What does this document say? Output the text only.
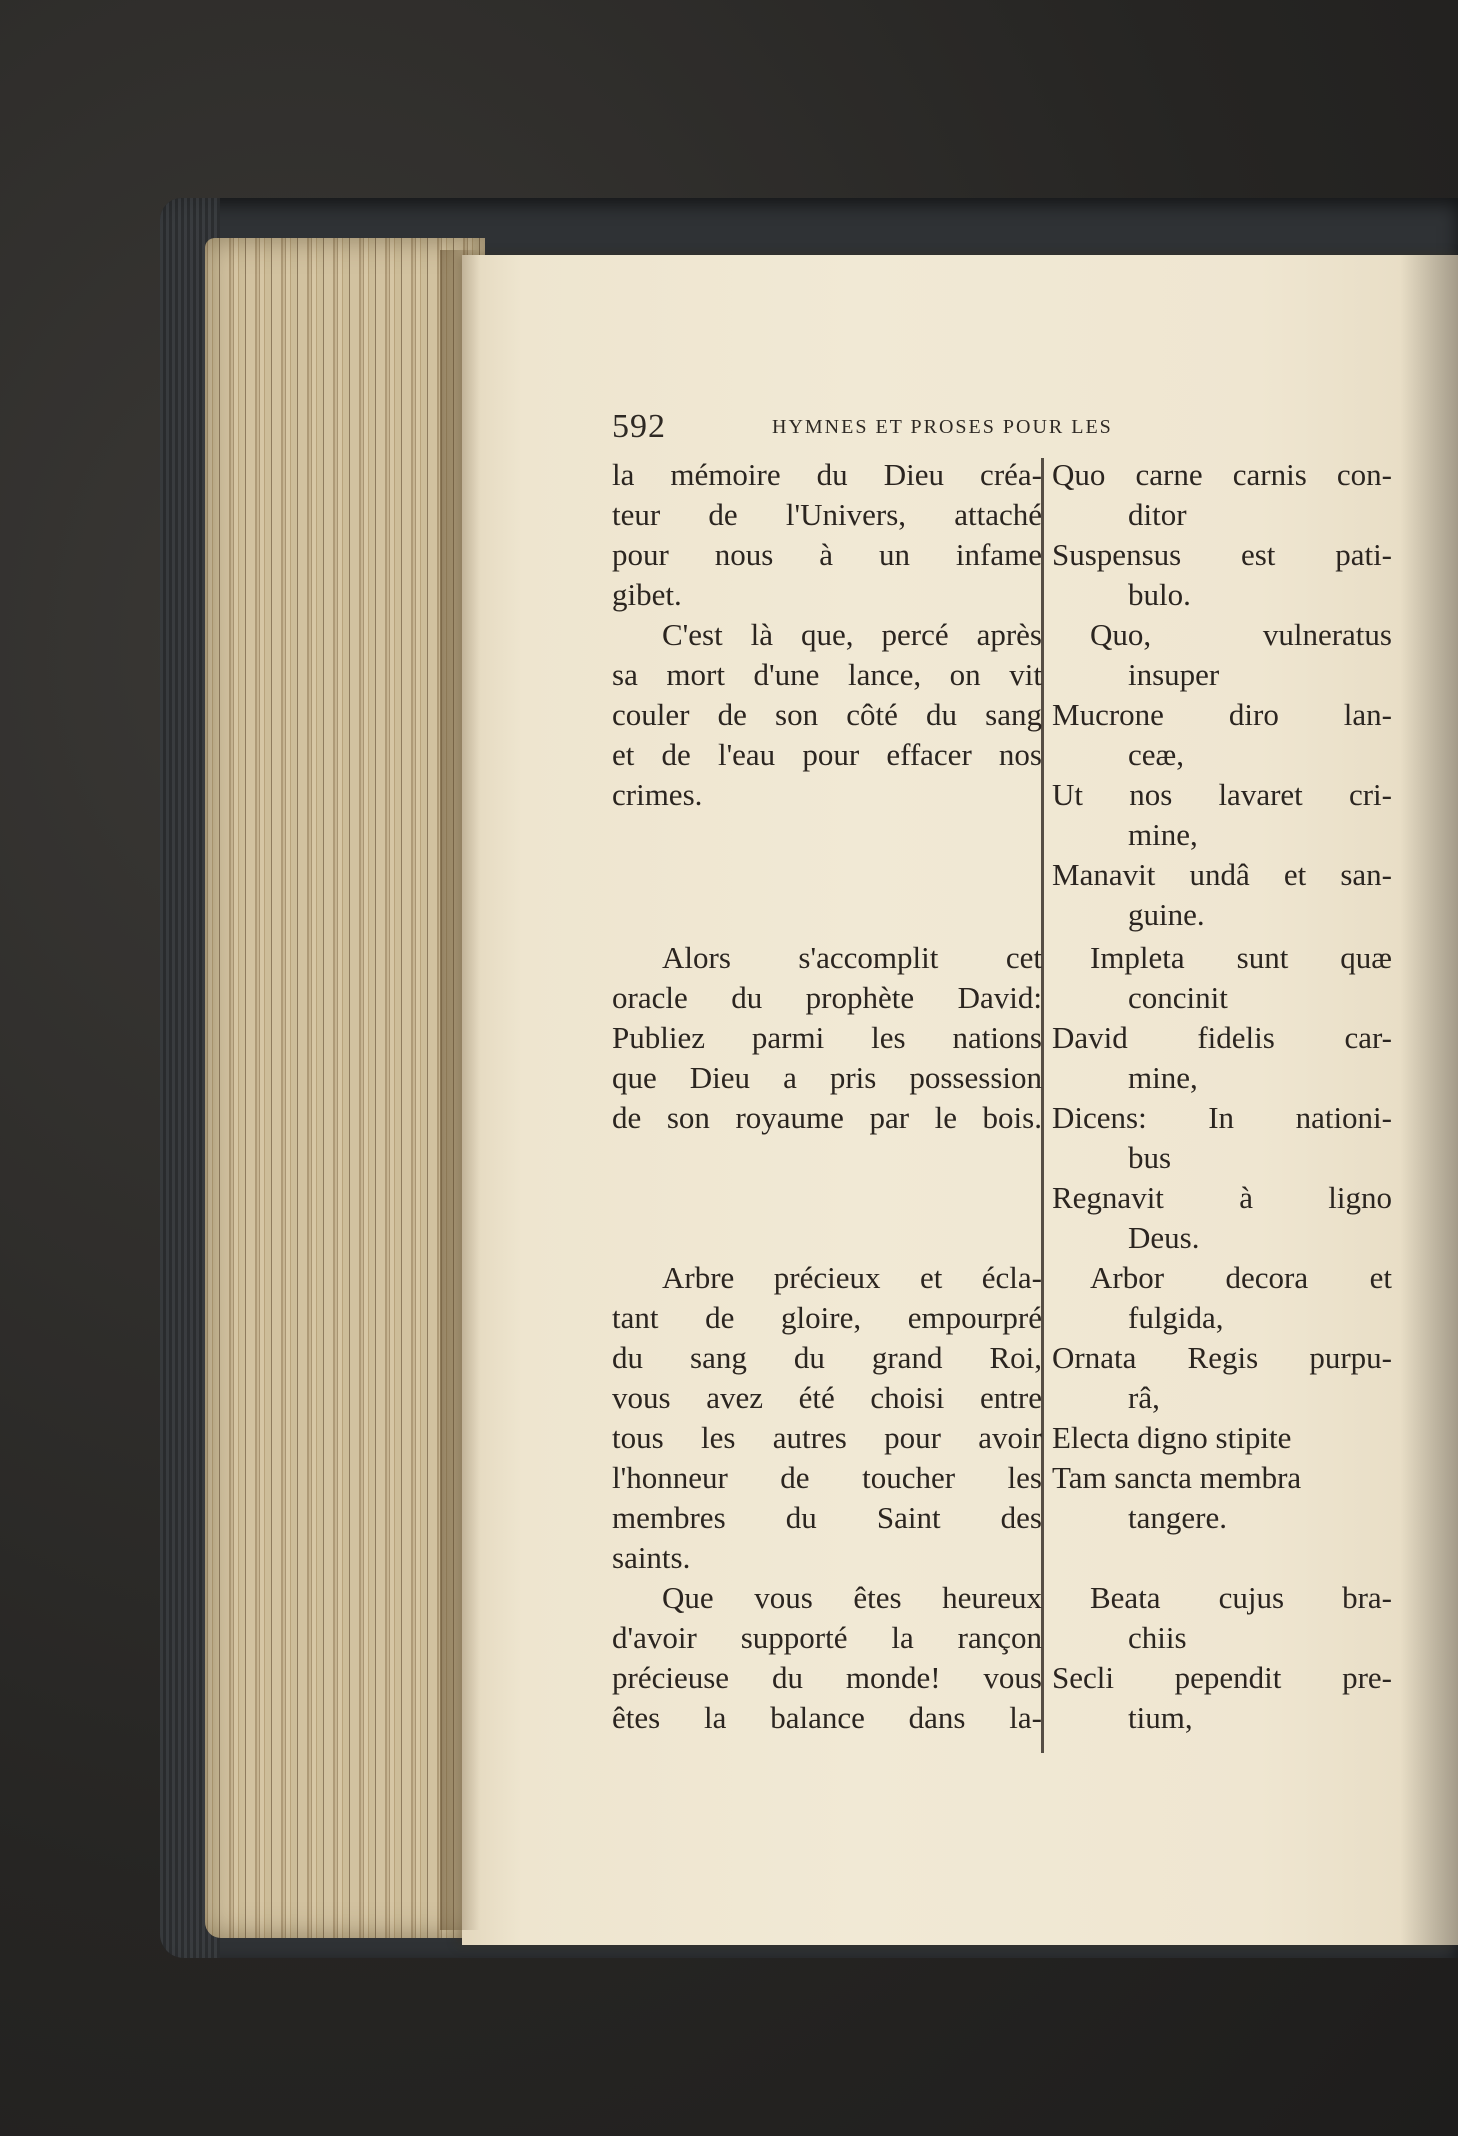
592	HYMNES ET PROSES POUR LES
la mémoire du Dieu créa-
teur de l'Univers, attaché
pour nous à un infame
gibet.
C'est là que, percé après
sa mort d'une lance, on vit
couler de son côté du sang
et de l'eau pour effacer nos
crimes.
Alors s'accomplit cet
oracle du prophète David:
Publiez parmi les nations
que Dieu a pris possession
de son royaume par le bois.
Arbre précieux et écla-
tant de gloire, empourpré
du sang du grand Roi,
vous avez été choisi entre
tous les autres pour avoir
l'honneur de toucher les
membres du Saint des
saints.
Que vous êtes heureux
d'avoir supporté la rançon
précieuse du monde! vous
êtes la balance dans la-
Quo carne carnis con-
ditor
Suspensus est pati-
bulo.
Quo, vulneratus
insuper
Mucrone diro lan-
ceæ,
Ut nos lavaret cri-
mine,
Manavit undâ et san-
guine.
Impleta sunt quæ
concinit
David fidelis car-
mine,
Dicens: In nationi-
bus
Regnavit à ligno
Deus.
Arbor decora et
fulgida,
Ornata Regis purpu-
râ,
Electa digno stipite
Tam sancta membra
tangere.
Beata cujus bra-
chiis
Secli pependit pre-
tium,
